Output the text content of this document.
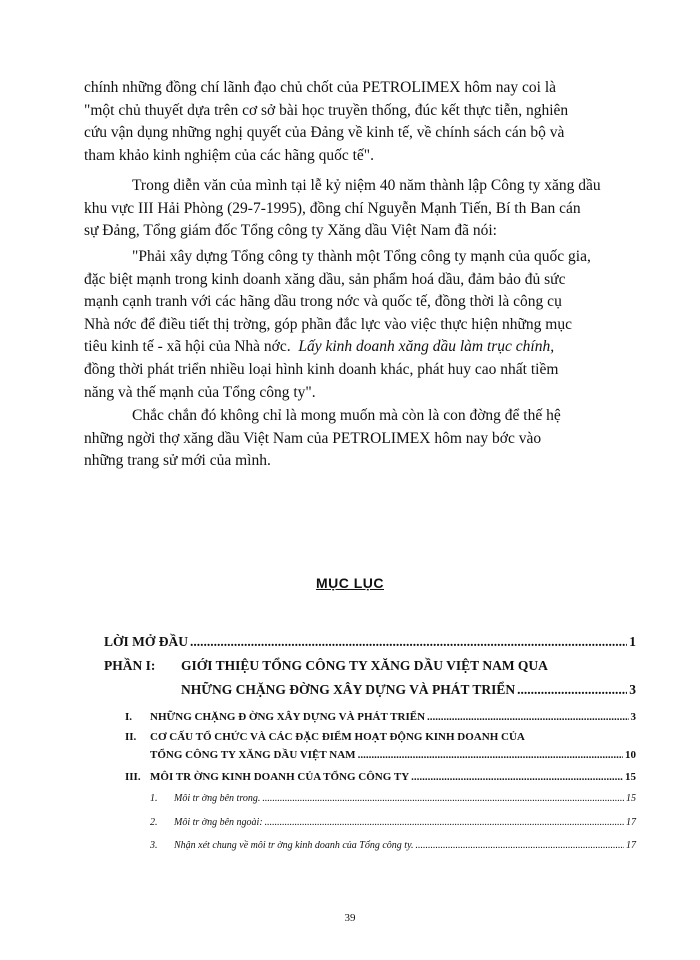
chính những đồng chí lãnh đạo chủ chốt của PETROLIMEX hôm nay coi là
"một chủ thuyết dựa trên cơ sở bài học truyền thống, đúc kết thực tiễn, nghiên
cứu vận dụng những nghị quyết của Đảng về kinh tế, về chính sách cán bộ và
tham khảo kinh nghiệm của các hãng quốc tế".
Trong diễn văn của mình tại lễ kỷ niệm 40 năm thành lập Công ty xăng dầu
khu vực III Hải Phòng (29-7-1995), đồng chí Nguyễn Mạnh Tiến, Bí th Ban cán
sự Đảng, Tổng giám đốc Tổng công ty Xăng dầu Việt Nam đã nói:
"Phải xây dựng Tổng công ty thành một Tổng công ty mạnh của quốc gia,
đặc biệt mạnh trong kinh doanh xăng dầu, sản phẩm hoá dầu, đảm bảo đủ sức
mạnh cạnh tranh với các hãng dầu trong nớc và quốc tế, đồng thời là công cụ
Nhà nớc để điều tiết thị trờng, góp phần đắc lực vào việc thực hiện những mục
tiêu kinh tế - xã hội của Nhà nớc. Lấy kinh doanh xăng dầu làm trục chính,
đồng thời phát triển nhiều loại hình kinh doanh khác, phát huy cao nhất tiềm
năng và thế mạnh của Tổng công ty".
Chắc chắn đó không chỉ là mong muốn mà còn là con đờng để thế hệ
những ngời thợ xăng dầu Việt Nam của PETROLIMEX hôm nay bớc vào
những trang sử mới của mình.
MỤC LỤC
LỜI MỞ ĐẦU .....	1
PHẦN I: GIỚI THIỆU TỔNG CÔNG TY XĂNG DẦU VIỆT NAM QUA
NHỮNG CHẶNG ĐỜNG XÂY DỰNG VÀ PHÁT TRIỂN .....	3
I. NHỮNG CHẶNG Đ ỜNG XÂY DỰNG VÀ PHÁT TRIỂN .....	3
II. CƠ CẤU TỔ CHỨC VÀ CÁC ĐẶC ĐIỂM HOẠT ĐỘNG KINH DOANH CỦA
TỔNG CÔNG TY XĂNG DẦU VIỆT NAM .....	10
III. MÔI TR ỜNG KINH DOANH CỦA TỔNG CÔNG TY .....	15
1. Môi tr ờng bên trong. .....	15
2. Môi tr ờng bên ngoài: .....	17
3. Nhận xét chung về môi tr ờng kinh doanh của Tổng công ty. .....	17

39
